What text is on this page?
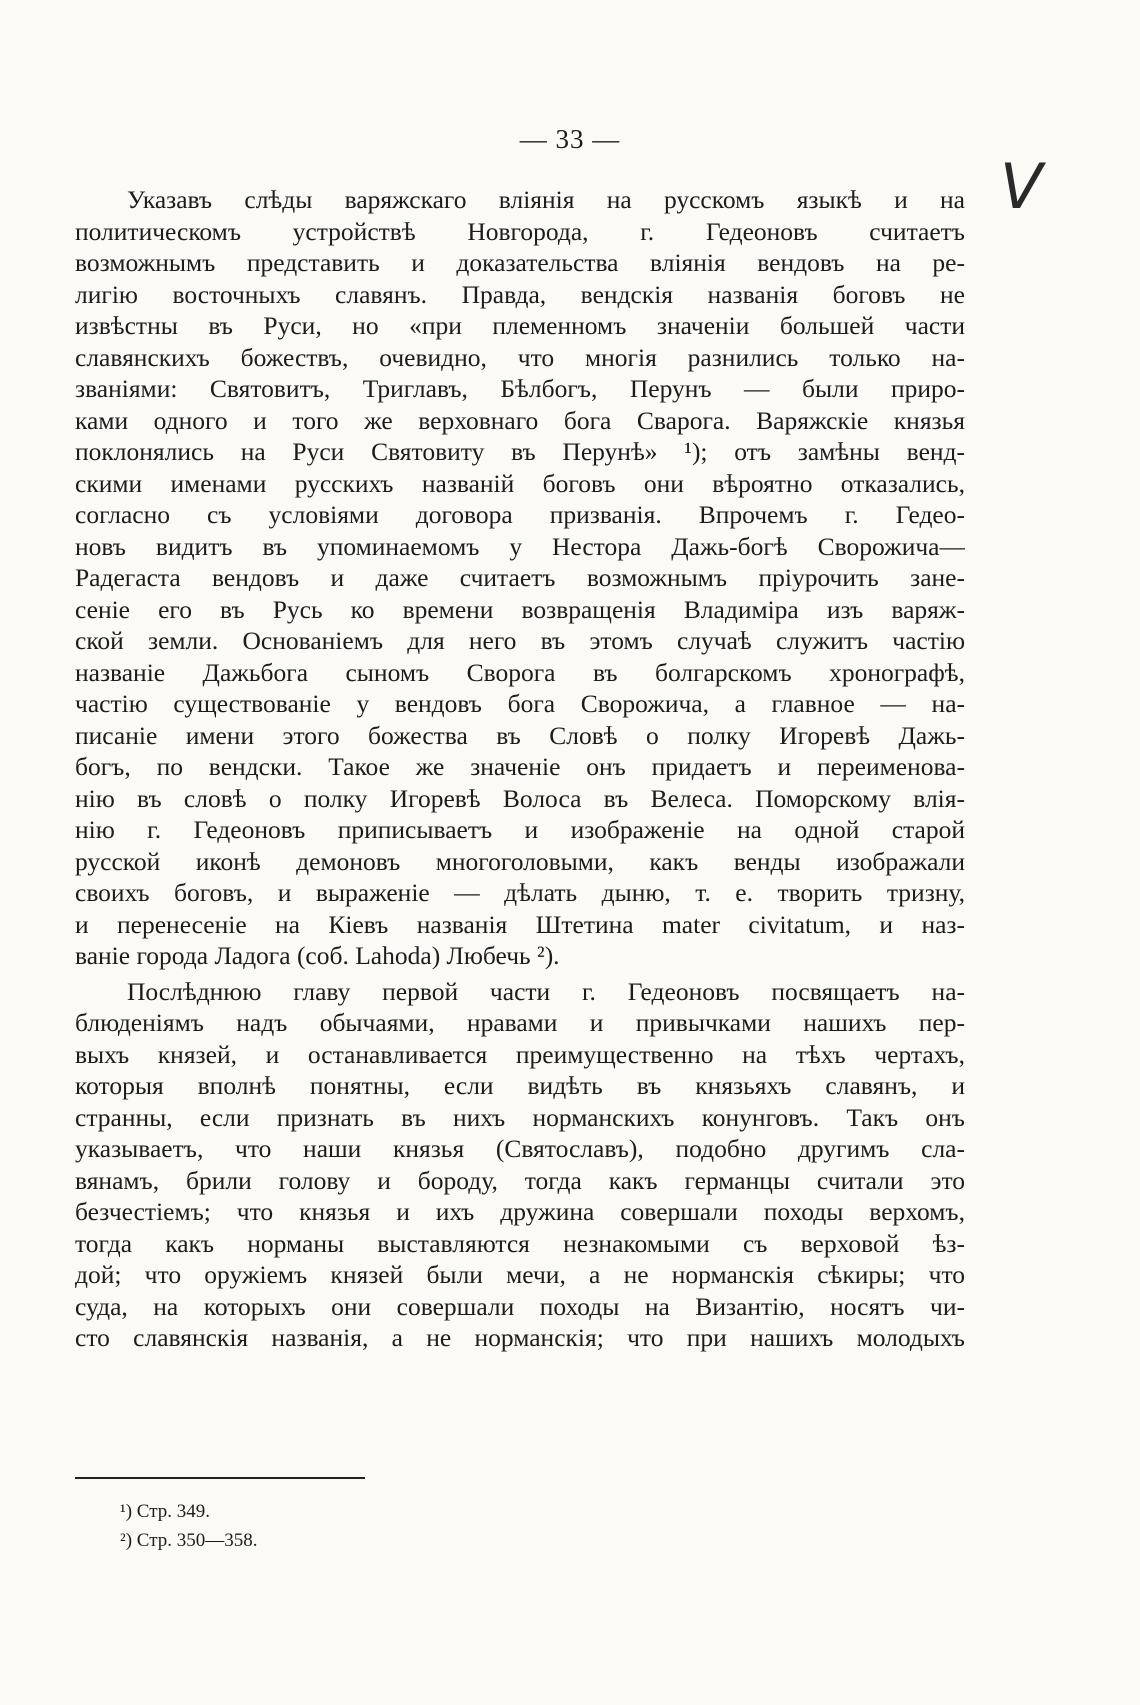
— 33 —
V
Указавъ слѣды варяжскаго вліянія на русскомъ языкѣ и на
политическомъ устройствѣ Новгорода, г. Гедеоновъ считаетъ
возможнымъ представить и доказательства вліянія вендовъ на ре-
лигію восточныхъ славянъ. Правда, вендскія названія боговъ не
извѣстны въ Руси, но «при племенномъ значеніи большей части
славянскихъ божествъ, очевидно, что многія разнились только на-
званіями: Святовитъ, Триглавъ, Бѣлбогъ, Перунъ — были приро-
ками одного и того же верховнаго бога Сварога. Варяжскіе князья
поклонялись на Руси Святовиту въ Перунѣ» ¹); отъ замѣны венд-
скими именами русскихъ названій боговъ они вѣроятно отказались,
согласно съ условіями договора призванія. Впрочемъ г. Гедео-
новъ видитъ въ упоминаемомъ у Нестора Дажь-богѣ Сворожича—
Радегаста вендовъ и даже считаетъ возможнымъ пріурочить зане-
сеніе его въ Русь ко времени возвращенія Владиміра изъ варяж-
ской земли. Основаніемъ для него въ этомъ случаѣ служитъ частію
названіе Дажьбога сыномъ Сворога въ болгарскомъ хронографѣ,
частію существованіе у вендовъ бога Сворожича, а главное — на-
писаніе имени этого божества въ Словѣ о полку Игоревѣ Дажь-
богъ, по вендски. Такое же значеніе онъ придаетъ и переименова-
нію въ словѣ о полку Игоревѣ Волоса въ Велеса. Поморскому влія-
нію г. Гедеоновъ приписываетъ и изображеніе на одной старой
русской иконѣ демоновъ многоголовыми, какъ венды изображали
своихъ боговъ, и выраженіе — дѣлать дыню, т. е. творить тризну,
и перенесеніе на Кіевъ названія Штетина mater civitatum, и наз-
ваніе города Ладога (соб. Lahoda) Любечь ²).
Послѣднюю главу первой части г. Гедеоновъ посвящаетъ на-
блюденіямъ надъ обычаями, нравами и привычками нашихъ пер-
выхъ князей, и останавливается преимущественно на тѣхъ чертахъ,
которыя вполнѣ понятны, если видѣть въ князьяхъ славянъ, и
странны, если признать въ нихъ норманскихъ конунговъ. Такъ онъ
указываетъ, что наши князья (Святославъ), подобно другимъ сла-
вянамъ, брили голову и бороду, тогда какъ германцы считали это
безчестіемъ; что князья и ихъ дружина совершали походы верхомъ,
тогда какъ норманы выставляются незнакомыми съ верховой ѣз-
дой; что оружіемъ князей были мечи, а не норманскія сѣкиры; что
суда, на которыхъ они совершали походы на Византію, носятъ чи-
сто славянскія названія, а не норманскія; что при нашихъ молодыхъ
¹) Стр. 349.
²) Стр. 350—358.
